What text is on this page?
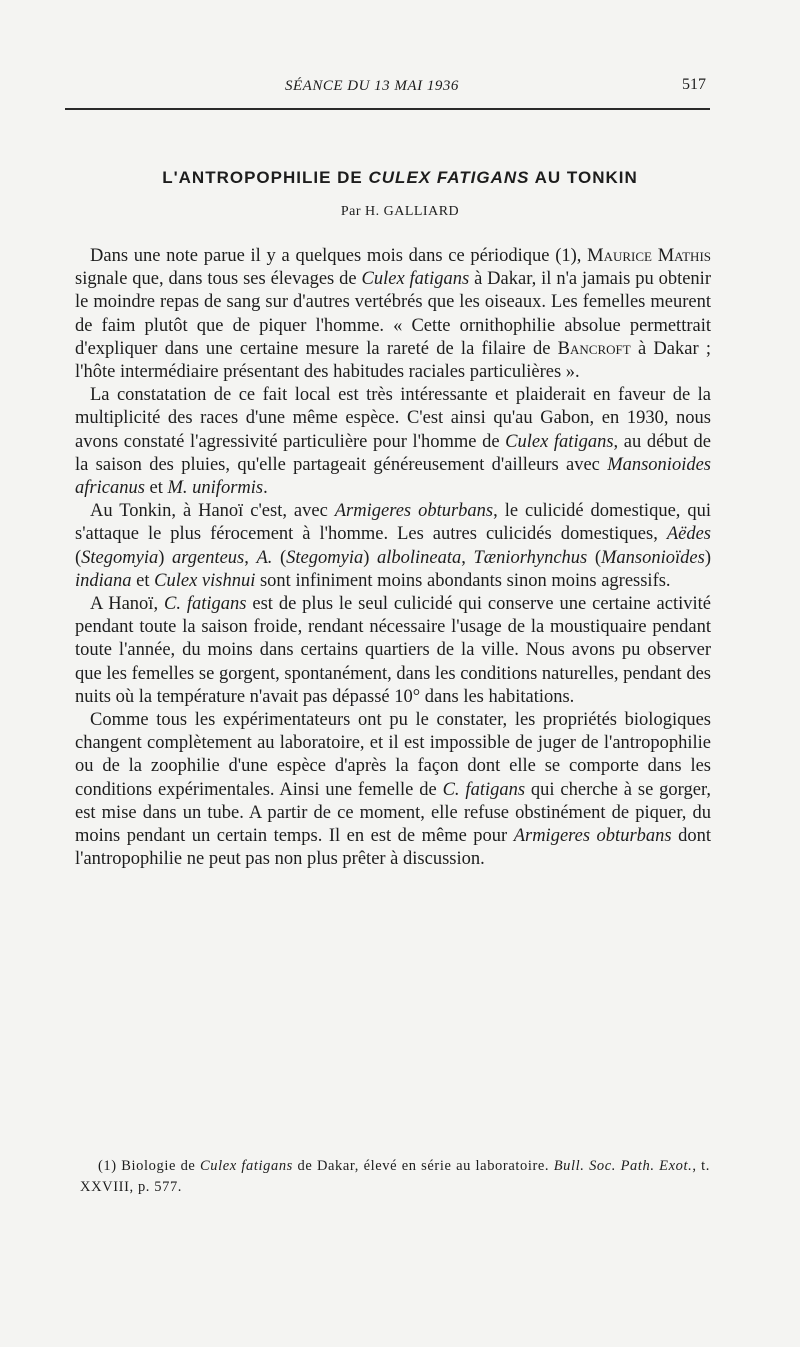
SÉANCE DU 13 MAI 1936	517
L'ANTROPOPHILIE DE CULEX FATIGANS AU TONKIN
Par H. GALLIARD

Dans une note parue il y a quelques mois dans ce périodique (1), Maurice Mathis signale que, dans tous ses élevages de Culex fatigans à Dakar, il n'a jamais pu obtenir le moindre repas de sang sur d'autres vertébrés que les oiseaux. Les femelles meurent de faim plutôt que de piquer l'homme. « Cette ornithophilie absolue permettrait d'expliquer dans une certaine mesure la rareté de la filaire de Bancroft à Dakar ; l'hôte intermédiaire présentant des habitudes raciales particulières ».

La constatation de ce fait local est très intéressante et plaiderait en faveur de la multiplicité des races d'une même espèce. C'est ainsi qu'au Gabon, en 1930, nous avons constaté l'agressivité particulière pour l'homme de Culex fatigans, au début de la saison des pluies, qu'elle partageait généreusement d'ailleurs avec Mansonioides africanus et M. uniformis.

Au Tonkin, à Hanoï c'est, avec Armigeres obturbans, le culicidé domestique, qui s'attaque le plus férocement à l'homme. Les autres culicidés domestiques, Aëdes (Stegomyia) argenteus, A. (Stegomyia) albolineata, Tæniorhynchus (Mansonioïdes) indiana et Culex vishnui sont infiniment moins abondants sinon moins agressifs.

A Hanoï, C. fatigans est de plus le seul culicidé qui conserve une certaine activité pendant toute la saison froide, rendant nécessaire l'usage de la moustiquaire pendant toute l'année, du moins dans certains quartiers de la ville. Nous avons pu observer que les femelles se gorgent, spontanément, dans les conditions naturelles, pendant des nuits où la température n'avait pas dépassé 10° dans les habitations.

Comme tous les expérimentateurs ont pu le constater, les propriétés biologiques changent complètement au laboratoire, et il est impossible de juger de l'antropophilie ou de la zoophilie d'une espèce d'après la façon dont elle se comporte dans les conditions expérimentales. Ainsi une femelle de C. fatigans qui cherche à se gorger, est mise dans un tube. A partir de ce moment, elle refuse obstinément de piquer, du moins pendant un certain temps. Il en est de même pour Armigeres obturbans dont l'antropophilie ne peut pas non plus prêter à discussion.

(1) Biologie de Culex fatigans de Dakar, élevé en série au laboratoire. Bull. Soc. Path. Exot., t. XXVIII, p. 577.
